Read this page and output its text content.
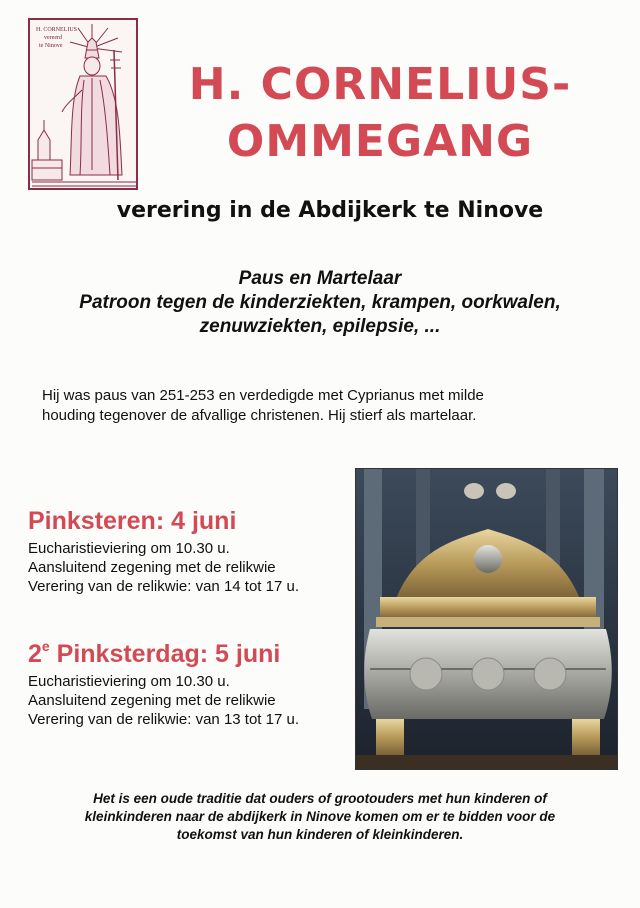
H. CORNELIUS
vereerd
te Ninove
H. CORNELIUS-
OMMEGANG
verering in de Abdijkerk te Ninove
Paus en Martelaar
Patroon tegen de kinderziekten, krampen, oorkwalen,
zenuwziekten, epilepsie, ...
Hij was paus van 251-253 en verdedigde met Cyprianus met milde
houding tegenover de afvallige christenen. Hij stierf als martelaar.
Pinksteren: 4 juni
Eucharistieviering om 10.30 u.
Aansluitend zegening met de relikwie
Verering van de relikwie: van 14 tot 17 u.
2e Pinksterdag: 5 juni
Eucharistieviering om 10.30 u.
Aansluitend zegening met de relikwie
Verering van de relikwie: van 13 tot 17 u.
Het is een oude traditie dat ouders of grootouders met hun kinderen of
kleinkinderen naar de abdijkerk in Ninove komen om er te bidden voor de
toekomst van hun kinderen of kleinkinderen.
